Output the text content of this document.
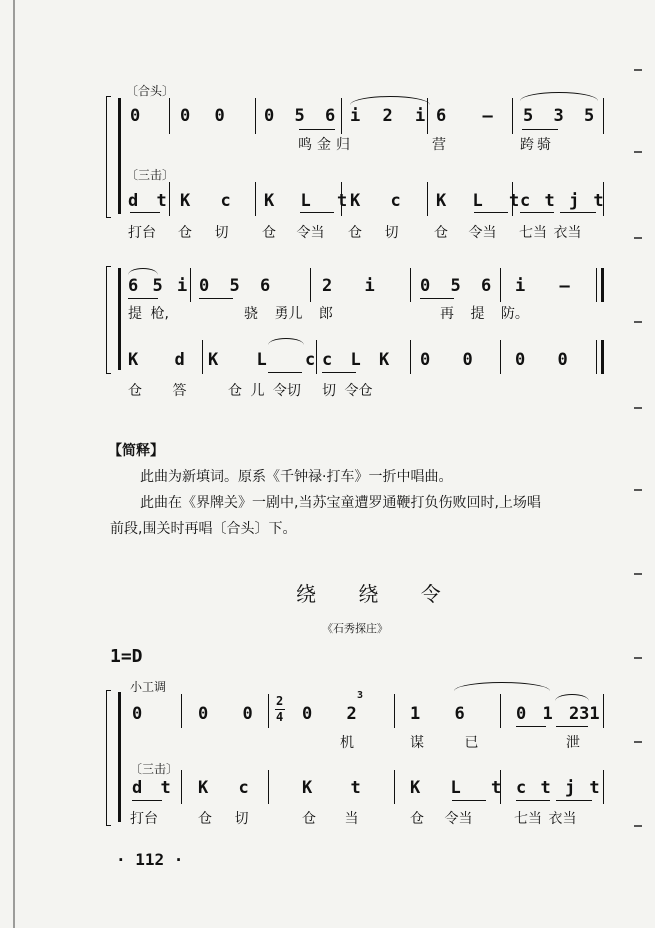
〔合头〕
0 0 0 0 5 6 i 2 i 6 — 5 3 5
鸣金归	营	跨骑
〔三击〕
d t K c K L t K c K L t c t j t
打台 仓 切 仓 令当 仓 切	仓 令当 七当 衣当
6 5 i 0 5 6	2 i	0 5 6 i —
提 枪,	骁 勇儿 郎	再 提 防。
K d K L c c L K 0 0 0 0
仓 答	仓 儿 令切 切 令仓
【简释】
此曲为新填词。原系《千钟禄·打车》一折中唱曲。
此曲在《界牌关》一剧中,当苏宝童遭罗通鞭打负伤败回时,上场唱
前段,围关时再唱〔合头〕下。
绕 绕 令
《石秀探庄》
1=D
小工调
0	0 0
2
4 0 2
3
1 6	0 1 231
机	谋 已	泄
〔三击〕
d t K c	K t	K L t c t j t
打台	仓 切	仓 当	仓 令当	七当 衣当
· 112 ·
